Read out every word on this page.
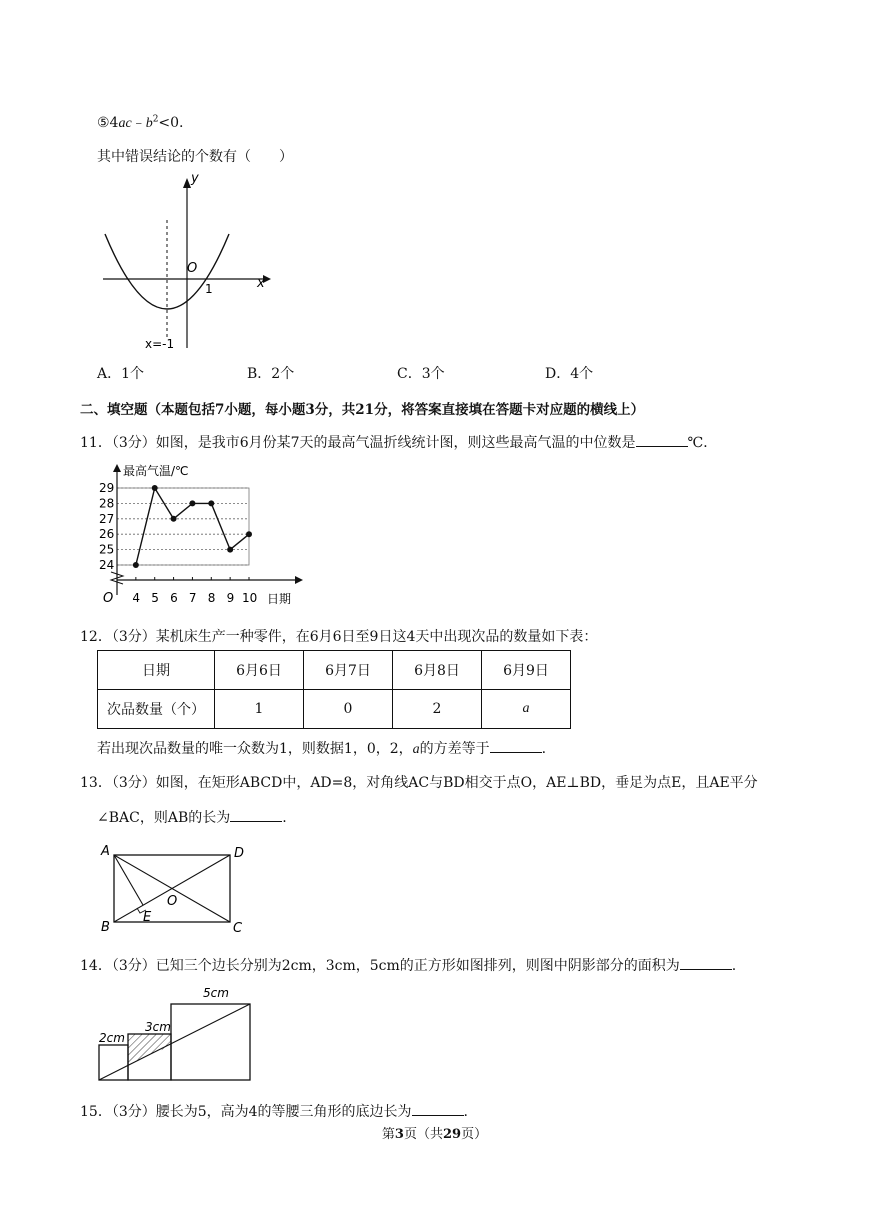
$⑤4ac﹣b^2<0$.
其中错误结论的个数有（　　）
y
x
O
1
x=-1
A．1个	B．2个	C．3个	D．4个
二、填空题（本题包括7小题，每小题3分，共21分，将答案直接填在答题卡对应题的横线上）
11．（3分）如图，是我市6月份某7天的最高气温折线统计图，则这些最高气温的中位数是	℃．
最高气温/℃
日期
O
29
28
27
26
25
24
4 5 6 7 8 9 10
12．（3分）某机床生产一种零件，在6月6日至9日这4天中出现次品的数量如下表：
日期	6月6日	6月7日	6月8日	6月9日
次品数量（个）	1	0	2	a
若出现次品数量的唯一众数为1，则数据1，0，2，a的方差等于	.
13．（3分）如图，在矩形ABCD中，AD=8，对角线AC与BD相交于点O，AE⊥BD，垂足为点E，且AE平分
∠BAC，则AB的长为	.
A	D
B	C
E
O
14．（3分）已知三个边长分别为2cm，3cm，5cm的正方形如图排列，则图中阴影部分的面积为	.
2cm
3cm
5cm
15．（3分）腰长为5，高为4的等腰三角形的底边长为	.
第3页（共29页）
